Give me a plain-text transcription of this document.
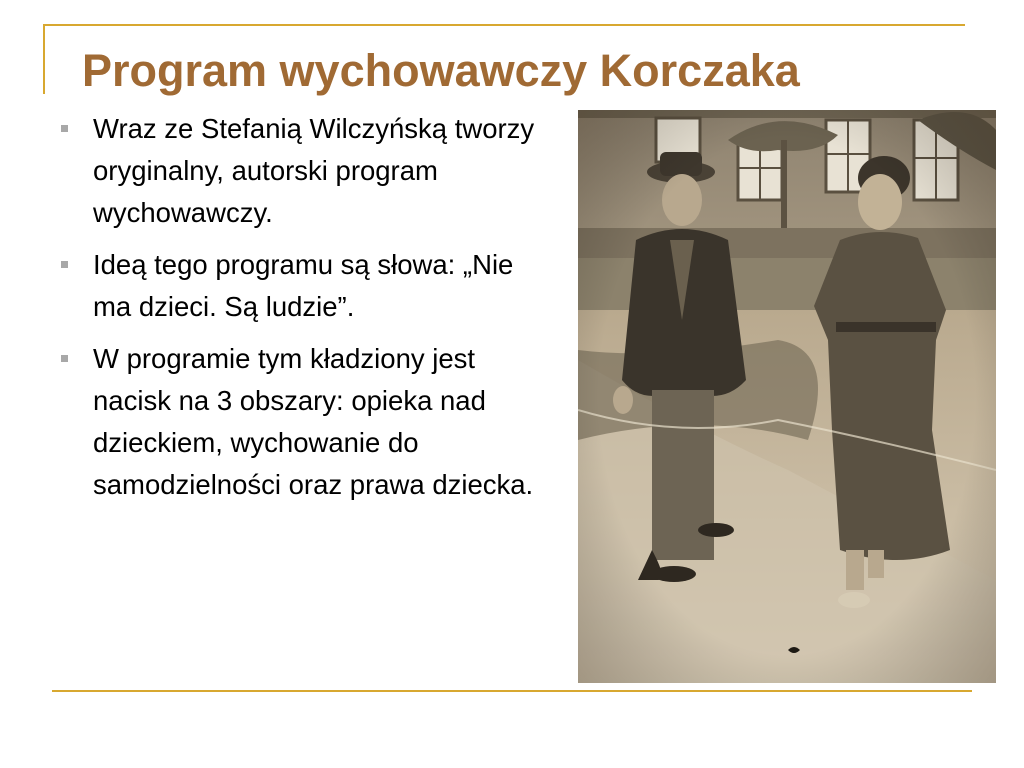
Program wychowawczy Korczaka
Wraz ze Stefanią Wilczyńską tworzy oryginalny, autorski program wychowawczy.
Ideą tego programu są słowa: „Nie ma dzieci. Są ludzie”.
W programie tym kładziony jest nacisk na 3 obszary: opieka nad dzieckiem, wychowanie do samodzielności oraz prawa dziecka.
